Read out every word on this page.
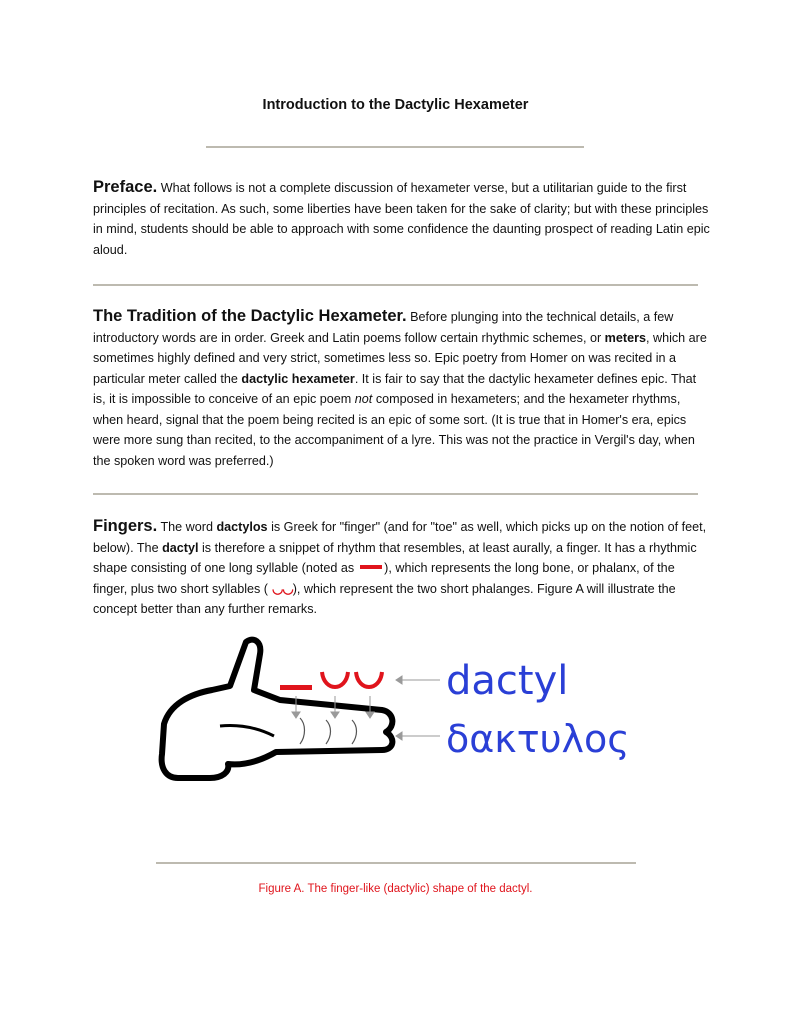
Introduction to the Dactylic Hexameter
Preface. What follows is not a complete discussion of hexameter verse, but a utilitarian guide to the first principles of recitation. As such, some liberties have been taken for the sake of clarity; but with these principles in mind, students should be able to approach with some confidence the daunting prospect of reading Latin epic aloud.
The Tradition of the Dactylic Hexameter. Before plunging into the technical details, a few introductory words are in order. Greek and Latin poems follow certain rhythmic schemes, or meters, which are sometimes highly defined and very strict, sometimes less so. Epic poetry from Homer on was recited in a particular meter called the dactylic hexameter. It is fair to say that the dactylic hexameter defines epic. That is, it is impossible to conceive of an epic poem not composed in hexameters; and the hexameter rhythms, when heard, signal that the poem being recited is an epic of some sort. (It is true that in Homer's era, epics were more sung than recited, to the accompaniment of a lyre. This was not the practice in Vergil's day, when the spoken word was preferred.)
Fingers. The word dactylos is Greek for "finger" (and for "toe" as well, which picks up on the notion of feet, below). The dactyl is therefore a snippet of rhythm that resembles, at least aurally, a finger. It has a rhythmic shape consisting of one long syllable (noted as ), which represents the long bone, or phalanx, of the finger, plus two short syllables ( ◡◡), which represent the two short phalanges. Figure A will illustrate the concept better than any further remarks.
dactyl
δακτυλος
Figure A. The finger-like (dactylic) shape of the dactyl.
